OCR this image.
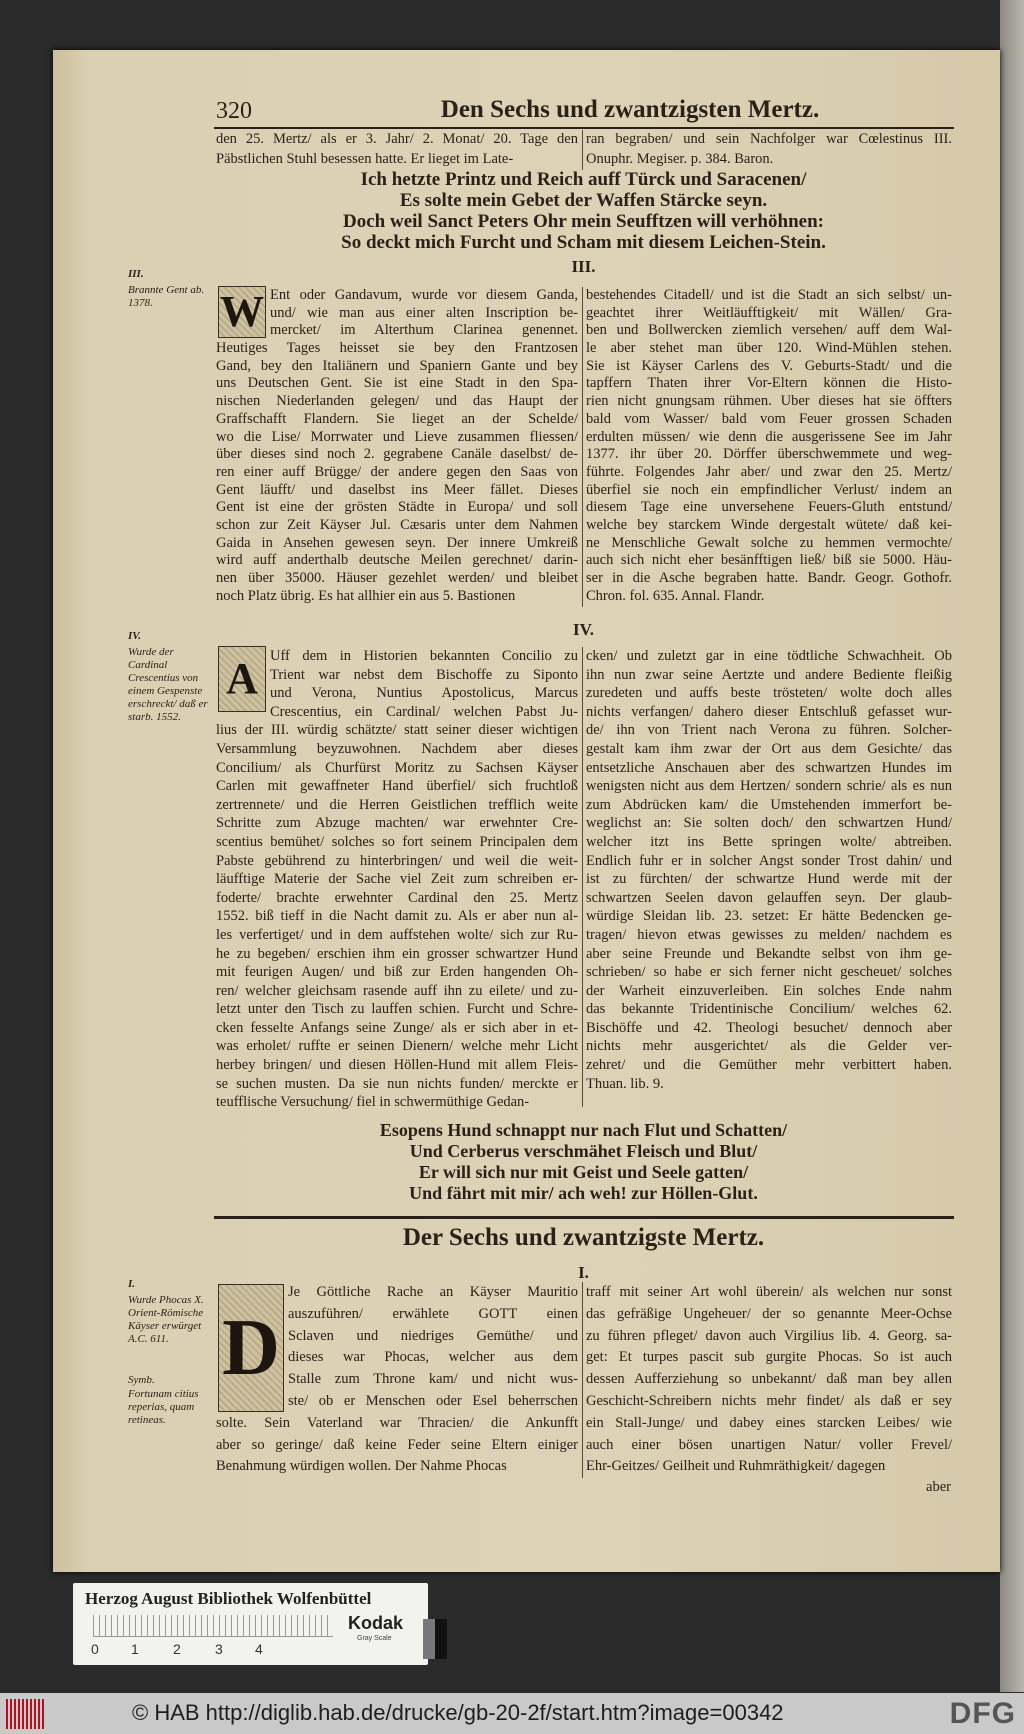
320	Den Sechs und zwantzigsten Mertz.
den 25. Mertz/ als er 3. Jahr/ 2. Monat/ 20. Tage den
Päbstlichen Stuhl besessen hatte. Er lieget im Late-
ran begraben/ und sein Nachfolger war Cœlestinus III.
Onuphr. Megiser. p. 384. Baron.
Ich hetzte Printz und Reich auff Türck und Saracenen/
Es solte mein Gebet der Waffen Stärcke seyn.
Doch weil Sanct Peters Ohr mein Seufftzen will verhöhnen:
So deckt mich Furcht und Scham mit diesem Leichen-Stein.
III.
III.
Brannte Gent ab. 1378.	W Ent oder Gandavum, wurde vor diesem Ganda,
und/ wie man aus einer alten Inscription be-
mercket/ im Alterthum Clarinea genennet.
Heutiges Tages heisset sie bey den Frantzosen
Gand, bey den Italiänern und Spaniern Gante und bey
uns Deutschen Gent. Sie ist eine Stadt in den Spa-
nischen Niederlanden gelegen/ und das Haupt der
Graffschafft Flandern. Sie lieget an der Schelde/
wo die Lise/ Morrwater und Lieve zusammen fliessen/
über dieses sind noch 2. gegrabene Canäle daselbst/ de-
ren einer auff Brügge/ der andere gegen den Saas von
Gent läufft/ und daselbst ins Meer fället. Dieses
Gent ist eine der grösten Städte in Europa/ und soll
schon zur Zeit Käyser Jul. Cæsaris unter dem Nahmen
Gaida in Ansehen gewesen seyn. Der innere Umkreiß
wird auff anderthalb deutsche Meilen gerechnet/ darin-
nen über 35000. Häuser gezehlet werden/ und bleibet
noch Platz übrig. Es hat allhier ein aus 5. Bastionen
bestehendes Citadell/ und ist die Stadt an sich selbst/ un-
geachtet ihrer Weitläufftigkeit/ mit Wällen/ Gra-
ben und Bollwercken ziemlich versehen/ auff dem Wal-
le aber stehet man über 120. Wind-Mühlen stehen.
Sie ist Käyser Carlens des V. Geburts-Stadt/ und die
tapffern Thaten ihrer Vor-Eltern können die Histo-
rien nicht gnungsam rühmen. Uber dieses hat sie öffters
bald vom Wasser/ bald vom Feuer grossen Schaden
erdulten müssen/ wie denn die ausgerissene See im Jahr
1377. ihr über 20. Dörffer überschwemmete und weg-
führte. Folgendes Jahr aber/ und zwar den 25. Mertz/
überfiel sie noch ein empfindlicher Verlust/ indem an
diesem Tage eine unversehene Feuers-Gluth entstund/
welche bey starckem Winde dergestalt wütete/ daß kei-
ne Menschliche Gewalt solche zu hemmen vermochte/
auch sich nicht eher besänfftigen ließ/ biß sie 5000. Häu-
ser in die Asche begraben hatte. Bandr. Geogr. Gothofr.
Chron. fol. 635. Annal. Flandr.
IV.
IV.
Wurde der Cardinal Crescentius von einem Gespenste erschreckt/ daß er starb. 1552.
A Uff dem in Historien bekannten Concilio zu
Trient war nebst dem Bischoffe zu Siponto
und Verona, Nuntius Apostolicus, Marcus
Crescentius, ein Cardinal/ welchen Pabst Ju-
lius der III. würdig schätzte/ statt seiner dieser wichtigen
Versammlung beyzuwohnen. Nachdem aber dieses
Concilium/ als Churfürst Moritz zu Sachsen Käyser
Carlen mit gewaffneter Hand überfiel/ sich fruchtloß
zertrennete/ und die Herren Geistlichen trefflich weite
Schritte zum Abzuge machten/ war erwehnter Cre-
scentius bemühet/ solches so fort seinem Principalen dem
Pabste gebührend zu hinterbringen/ und weil die weit-
läufftige Materie der Sache viel Zeit zum schreiben er-
foderte/ brachte erwehnter Cardinal den 25. Mertz
1552. biß tieff in die Nacht damit zu. Als er aber nun al-
les verfertiget/ und in dem auffstehen wolte/ sich zur Ru-
he zu begeben/ erschien ihm ein grosser schwartzer Hund
mit feurigen Augen/ und biß zur Erden hangenden Oh-
ren/ welcher gleichsam rasende auff ihn zu eilete/ und zu-
letzt unter den Tisch zu lauffen schien. Furcht und Schre-
cken fesselte Anfangs seine Zunge/ als er sich aber in et-
was erholet/ ruffte er seinen Dienern/ welche mehr Licht
herbey bringen/ und diesen Höllen-Hund mit allem Fleis-
se suchen musten. Da sie nun nichts funden/ merckte er
teufflische Versuchung/ fiel in schwermüthige Gedan-
cken/ und zuletzt gar in eine tödtliche Schwachheit. Ob
ihn nun zwar seine Aertzte und andere Bediente fleißig
zuredeten und auffs beste trösteten/ wolte doch alles
nichts verfangen/ dahero dieser Entschluß gefasset wur-
de/ ihn von Trient nach Verona zu führen. Solcher-
gestalt kam ihm zwar der Ort aus dem Gesichte/ das
entsetzliche Anschauen aber des schwartzen Hundes im
wenigsten nicht aus dem Hertzen/ sondern schrie/ als es nun
zum Abdrücken kam/ die Umstehenden immerfort be-
weglichst an: Sie solten doch/ den schwartzen Hund/
welcher itzt ins Bette springen wolte/ abtreiben.
Endlich fuhr er in solcher Angst sonder Trost dahin/ und
ist zu fürchten/ der schwartze Hund werde mit der
schwartzen Seelen davon gelauffen seyn. Der glaub-
würdige Sleidan lib. 23. setzet: Er hätte Bedencken ge-
tragen/ hievon etwas gewisses zu melden/ nachdem es
aber seine Freunde und Bekandte selbst von ihm ge-
schrieben/ so habe er sich ferner nicht gescheuet/ solches
der Warheit einzuverleiben. Ein solches Ende nahm
das bekannte Tridentinische Concilium/ welches 62.
Bischöffe und 42. Theologi besuchet/ dennoch aber
nichts mehr ausgerichtet/ als die Gelder ver-
zehret/ und die Gemüther mehr verbittert haben.
Thuan. lib. 9.
Esopens Hund schnappt nur nach Flut und Schatten/
Und Cerberus verschmähet Fleisch und Blut/
Er will sich nur mit Geist und Seele gatten/
Und fährt mit mir/ ach weh! zur Höllen-Glut.
I.
I.
Wurde Phocas X. Orient-Römische Käyser erwürget A.C. 611.
Symb.
Fortunam citius reperias, quam retineas.
D
Je Göttliche Rache an Käyser Mauritio
auszuführen/ erwählete GOTT einen
Sclaven und niedriges Gemüthe/ und
dieses war Phocas, welcher aus dem
Stalle zum Throne kam/ und nicht wus-
ste/ ob er Menschen oder Esel beherrschen
solte. Sein Vaterland war Thracien/ die Ankunfft
aber so geringe/ daß keine Feder seine Eltern einiger
Benahmung würdigen wollen. Der Nahme Phocas
traff mit seiner Art wohl überein/ als welchen nur sonst
das gefräßige Ungeheuer/ der so genannte Meer-Ochse
zu führen pfleget/ davon auch Virgilius lib. 4. Georg. sa-
get: Et turpes pascit sub gurgite Phocas. So ist auch
dessen Aufferziehung so unbekannt/ daß man bey allen
Geschicht-Schreibern nichts mehr findet/ als daß er sey
ein Stall-Junge/ und dabey eines starcken Leibes/ wie
auch einer bösen unartigen Natur/ voller Frevel/
Ehr-Geitzes/ Geilheit und Ruhmräthigkeit/ dagegen
aber
Der Sechs und zwantzigste Mertz.
Herzog August Bibliothek Wolfenbüttel
0 1 2 3 4
Kodak
Gray Scale
© HAB http://diglib.hab.de/drucke/gb-20-2f/start.htm?image=00342	DFG
